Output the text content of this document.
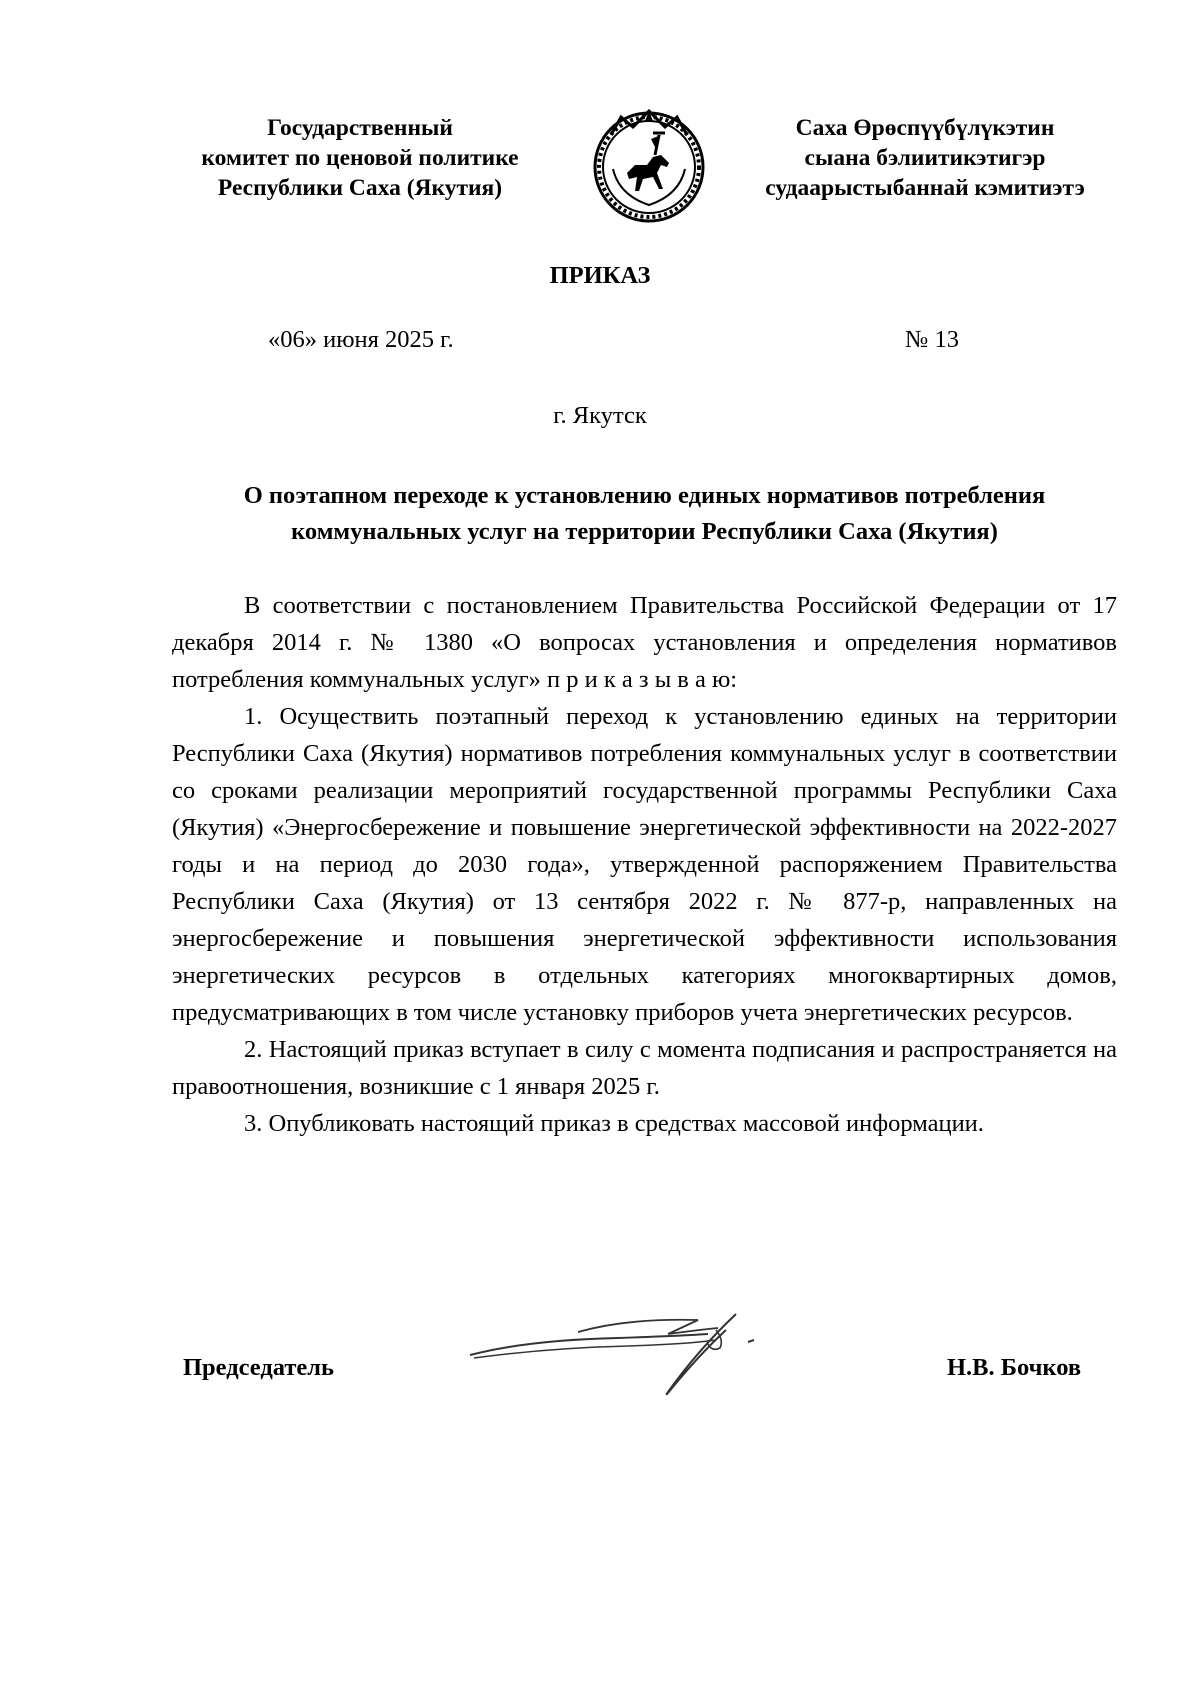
Государственный
комитет по ценовой политике
Республики Саха (Якутия)
Саха Өрөспүүбүлүкэтин
сыана бэлиитикэтигэр
судаарыстыбаннай кэмитиэтэ
ПРИКАЗ
«06» июня 2025 г.	№ 13
г. Якутск
О поэтапном переходе к установлению единых нормативов потребления
коммунальных услуг на территории Республики Саха (Якутия)

В соответствии с постановлением Правительства Российской Федерации от 17 декабря 2014 г. № 1380 «О вопросах установления и определения нормативов потребления коммунальных услуг» п р и к а з ы в а ю:

1. Осуществить поэтапный переход к установлению единых на территории Республики Саха (Якутия) нормативов потребления коммунальных услуг в соответствии со сроками реализации мероприятий государственной программы Республики Саха (Якутия) «Энергосбережение и повышение энергетической эффективности на 2022-2027 годы и на период до 2030 года», утвержденной распоряжением Правительства Республики Саха (Якутия) от 13 сентября 2022 г. № 877-р, направленных на энергосбережение и повышения энергетической эффективности использования энергетических ресурсов в отдельных категориях многоквартирных домов, предусматривающих в том числе установку приборов учета энергетических ресурсов.

2. Настоящий приказ вступает в силу с момента подписания и распространяется на правоотношения, возникшие с 1 января 2025 г.

3. Опубликовать настоящий приказ в средствах массовой информации.

Председатель	Н.В. Бочков
